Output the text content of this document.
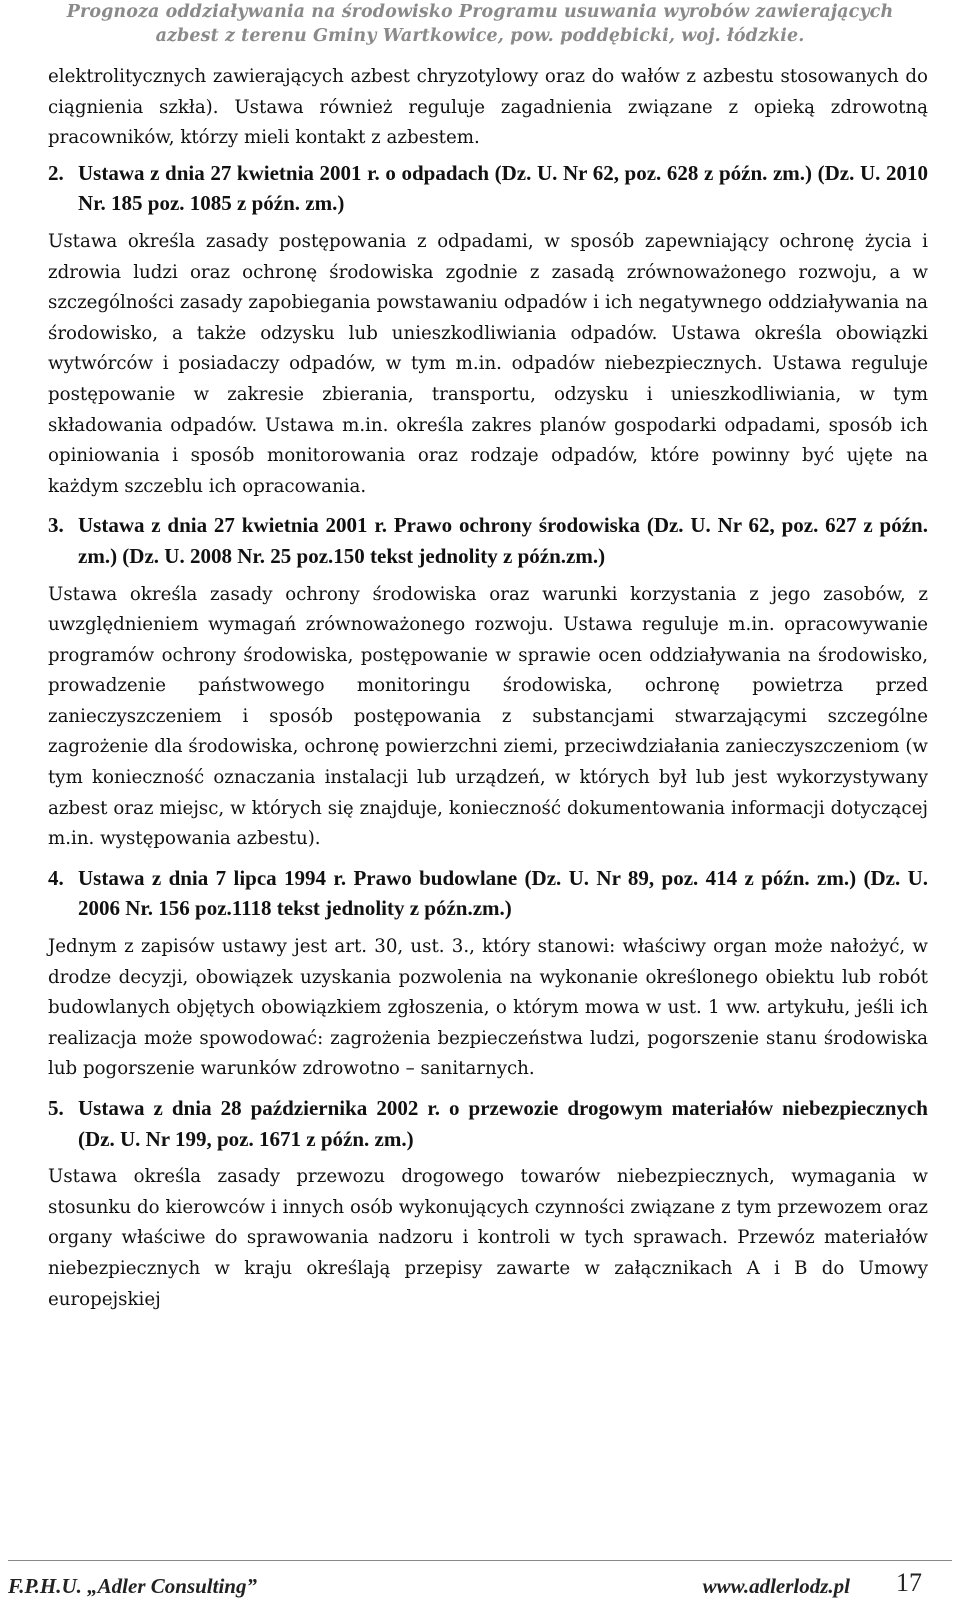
Prognoza oddziaływania na środowisko Programu usuwania wyrobów zawierających
azbest z terenu Gminy Wartkowice, pow. poddębicki, woj. łódzkie.

elektrolitycznych zawierających azbest chryzotylowy oraz do wałów z azbestu stosowanych do ciągnienia szkła). Ustawa również reguluje zagadnienia związane z opieką zdrowotną pracowników, którzy mieli kontakt z azbestem.

2. Ustawa z dnia 27 kwietnia 2001 r. o odpadach (Dz. U. Nr 62, poz. 628 z późn. zm.) (Dz. U. 2010 Nr. 185 poz. 1085 z późn. zm.)

Ustawa określa zasady postępowania z odpadami, w sposób zapewniający ochronę życia i zdrowia ludzi oraz ochronę środowiska zgodnie z zasadą zrównoważonego rozwoju, a w szczególności zasady zapobiegania powstawaniu odpadów i ich negatywnego oddziaływania na środowisko, a także odzysku lub unieszkodliwiania odpadów. Ustawa określa obowiązki wytwórców i posiadaczy odpadów, w tym m.in. odpadów niebezpiecznych. Ustawa reguluje postępowanie w zakresie zbierania, transportu, odzysku i unieszkodliwiania, w tym składowania odpadów. Ustawa m.in. określa zakres planów gospodarki odpadami, sposób ich opiniowania i sposób monitorowania oraz rodzaje odpadów, które powinny być ujęte na każdym szczeblu ich opracowania.

3. Ustawa z dnia 27 kwietnia 2001 r. Prawo ochrony środowiska (Dz. U. Nr 62, poz. 627 z późn. zm.) (Dz. U. 2008 Nr. 25 poz.150 tekst jednolity z późn.zm.)

Ustawa określa zasady ochrony środowiska oraz warunki korzystania z jego zasobów, z uwzględnieniem wymagań zrównoważonego rozwoju. Ustawa reguluje m.in. opracowywanie programów ochrony środowiska, postępowanie w sprawie ocen oddziaływania na środowisko, prowadzenie państwowego monitoringu środowiska, ochronę powietrza przed zanieczyszczeniem i sposób postępowania z substancjami stwarzającymi szczególne zagrożenie dla środowiska, ochronę powierzchni ziemi, przeciwdziałania zanieczyszczeniom (w tym konieczność oznaczania instalacji lub urządzeń, w których był lub jest wykorzystywany azbest oraz miejsc, w których się znajduje, konieczność dokumentowania informacji dotyczącej m.in. występowania azbestu).

4. Ustawa z dnia 7 lipca 1994 r. Prawo budowlane (Dz. U. Nr 89, poz. 414 z późn. zm.) (Dz. U. 2006 Nr. 156 poz.1118 tekst jednolity z późn.zm.)

Jednym z zapisów ustawy jest art. 30, ust. 3., który stanowi: właściwy organ może nałożyć, w drodze decyzji, obowiązek uzyskania pozwolenia na wykonanie określonego obiektu lub robót budowlanych objętych obowiązkiem zgłoszenia, o którym mowa w ust. 1 ww. artykułu, jeśli ich realizacja może spowodować: zagrożenia bezpieczeństwa ludzi, pogorszenie stanu środowiska lub pogorszenie warunków zdrowotno – sanitarnych.

5. Ustawa z dnia 28 października 2002 r. o przewozie drogowym materiałów niebezpiecznych (Dz. U. Nr 199, poz. 1671 z późn. zm.)

Ustawa określa zasady przewozu drogowego towarów niebezpiecznych, wymagania w stosunku do kierowców i innych osób wykonujących czynności związane z tym przewozem oraz organy właściwe do sprawowania nadzoru i kontroli w tych sprawach. Przewóz materiałów niebezpiecznych w kraju określają przepisy zawarte w załącznikach A i B do Umowy europejskiej

F.P.H.U. „Adler Consulting”	www.adlerlodz.pl 17
